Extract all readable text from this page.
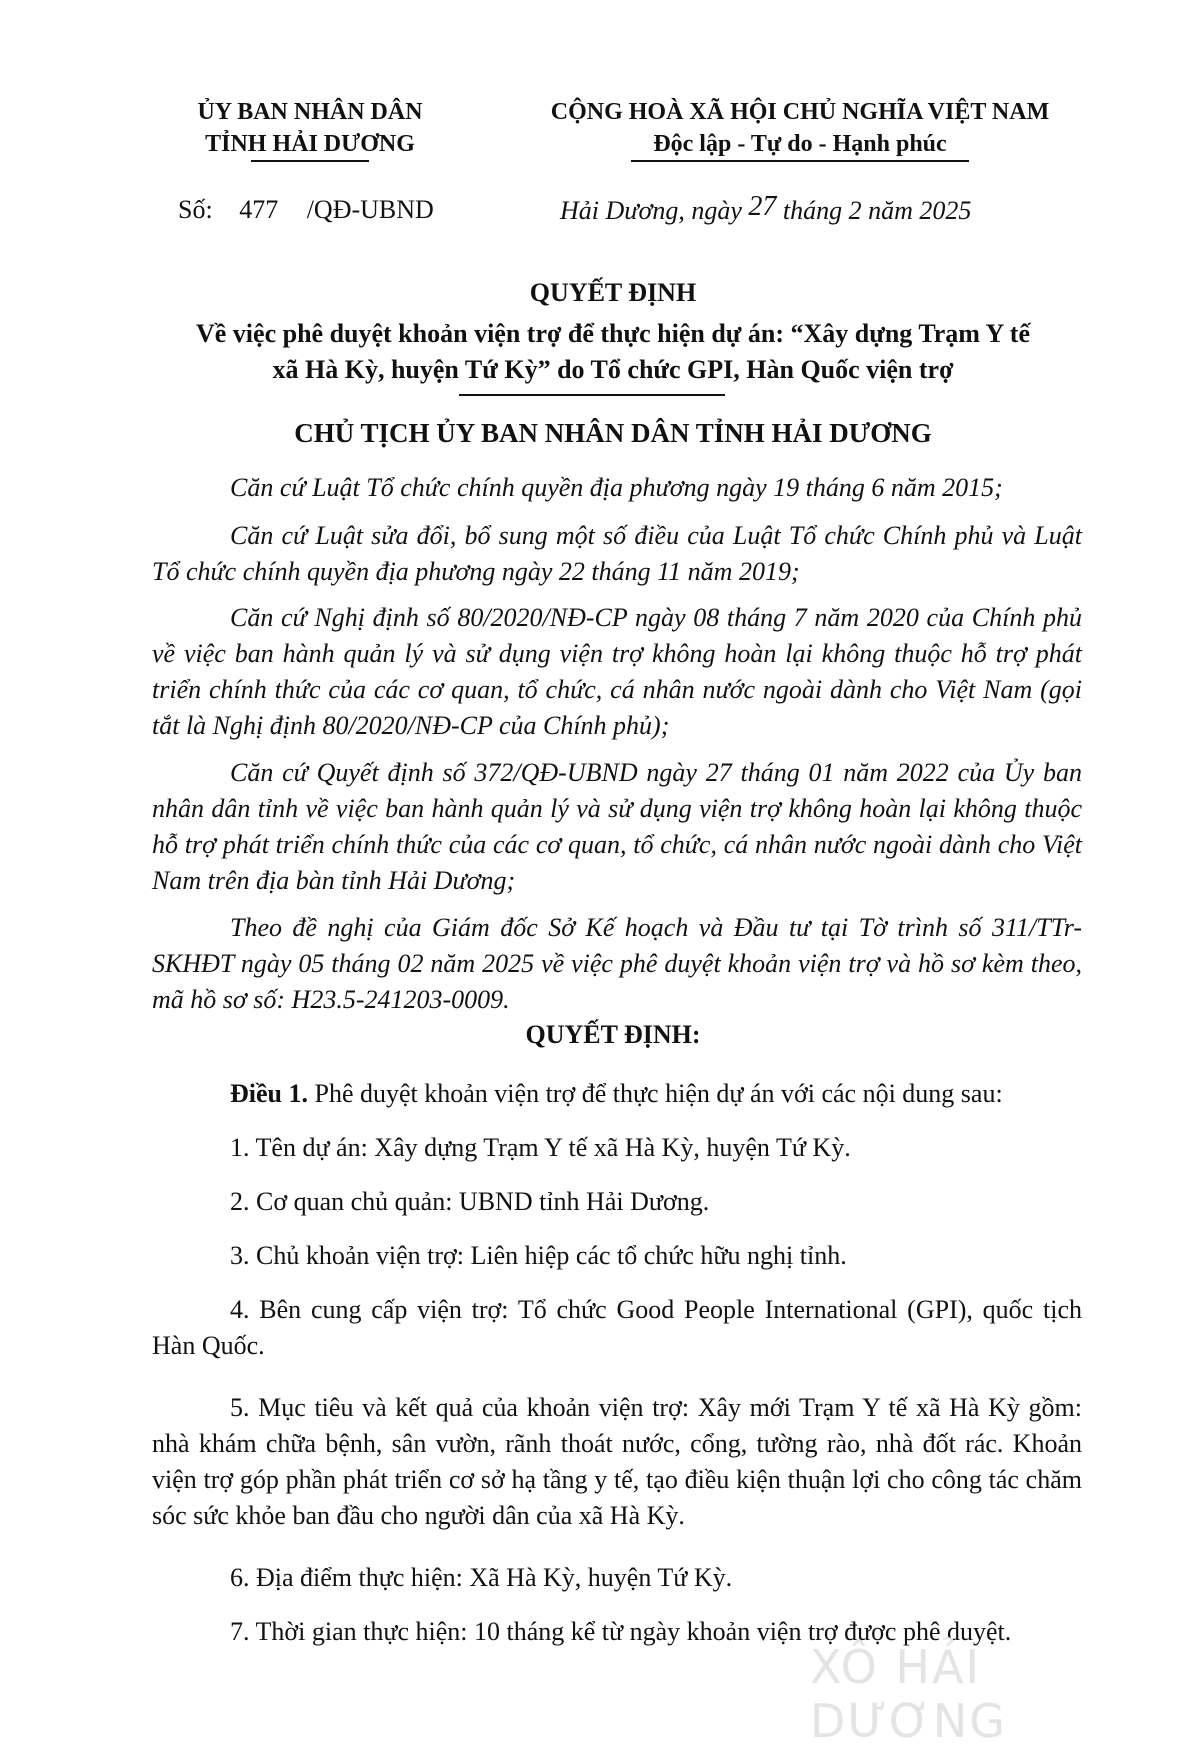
ỦY BAN NHÂN DÂN
TỈNH HẢI DƯƠNG
CỘNG HOÀ XÃ HỘI CHỦ NGHĨA VIỆT NAM
Độc lập - Tự do - Hạnh phúc
Số: 477 /QĐ-UBND	Hải Dương, ngày 27 tháng 2 năm 2025
QUYẾT ĐỊNH
Về việc phê duyệt khoản viện trợ để thực hiện dự án: “Xây dựng Trạm Y tế
xã Hà Kỳ, huyện Tứ Kỳ” do Tổ chức GPI, Hàn Quốc viện trợ
CHỦ TỊCH ỦY BAN NHÂN DÂN TỈNH HẢI DƯƠNG
Căn cứ Luật Tổ chức chính quyền địa phương ngày 19 tháng 6 năm 2015;
Căn cứ Luật sửa đổi, bổ sung một số điều của Luật Tổ chức Chính phủ và Luật Tổ chức chính quyền địa phương ngày 22 tháng 11 năm 2019;
Căn cứ Nghị định số 80/2020/NĐ-CP ngày 08 tháng 7 năm 2020 của Chính phủ về việc ban hành quản lý và sử dụng viện trợ không hoàn lại không thuộc hỗ trợ phát triển chính thức của các cơ quan, tổ chức, cá nhân nước ngoài dành cho Việt Nam (gọi tắt là Nghị định 80/2020/NĐ-CP của Chính phủ);
Căn cứ Quyết định số 372/QĐ-UBND ngày 27 tháng 01 năm 2022 của Ủy ban nhân dân tỉnh về việc ban hành quản lý và sử dụng viện trợ không hoàn lại không thuộc hỗ trợ phát triển chính thức của các cơ quan, tổ chức, cá nhân nước ngoài dành cho Việt Nam trên địa bàn tỉnh Hải Dương;
Theo đề nghị của Giám đốc Sở Kế hoạch và Đầu tư tại Tờ trình số 311/TTr-SKHĐT ngày 05 tháng 02 năm 2025 về việc phê duyệt khoản viện trợ và hồ sơ kèm theo, mã hồ sơ số: H23.5-241203-0009.
QUYẾT ĐỊNH:
Điều 1. Phê duyệt khoản viện trợ để thực hiện dự án với các nội dung sau:
1. Tên dự án: Xây dựng Trạm Y tế xã Hà Kỳ, huyện Tứ Kỳ.
2. Cơ quan chủ quản: UBND tỉnh Hải Dương.
3. Chủ khoản viện trợ: Liên hiệp các tổ chức hữu nghị tỉnh.
4. Bên cung cấp viện trợ: Tổ chức Good People International (GPI), quốc tịch Hàn Quốc.
5. Mục tiêu và kết quả của khoản viện trợ: Xây mới Trạm Y tế xã Hà Kỳ gồm: nhà khám chữa bệnh, sân vườn, rãnh thoát nước, cổng, tường rào, nhà đốt rác. Khoản viện trợ góp phần phát triển cơ sở hạ tầng y tế, tạo điều kiện thuận lợi cho công tác chăm sóc sức khỏe ban đầu cho người dân của xã Hà Kỳ.
6. Địa điểm thực hiện: Xã Hà Kỳ, huyện Tứ Kỳ.
7. Thời gian thực hiện: 10 tháng kể từ ngày khoản viện trợ được phê duyệt.
XÔ HẢI DƯƠNG
